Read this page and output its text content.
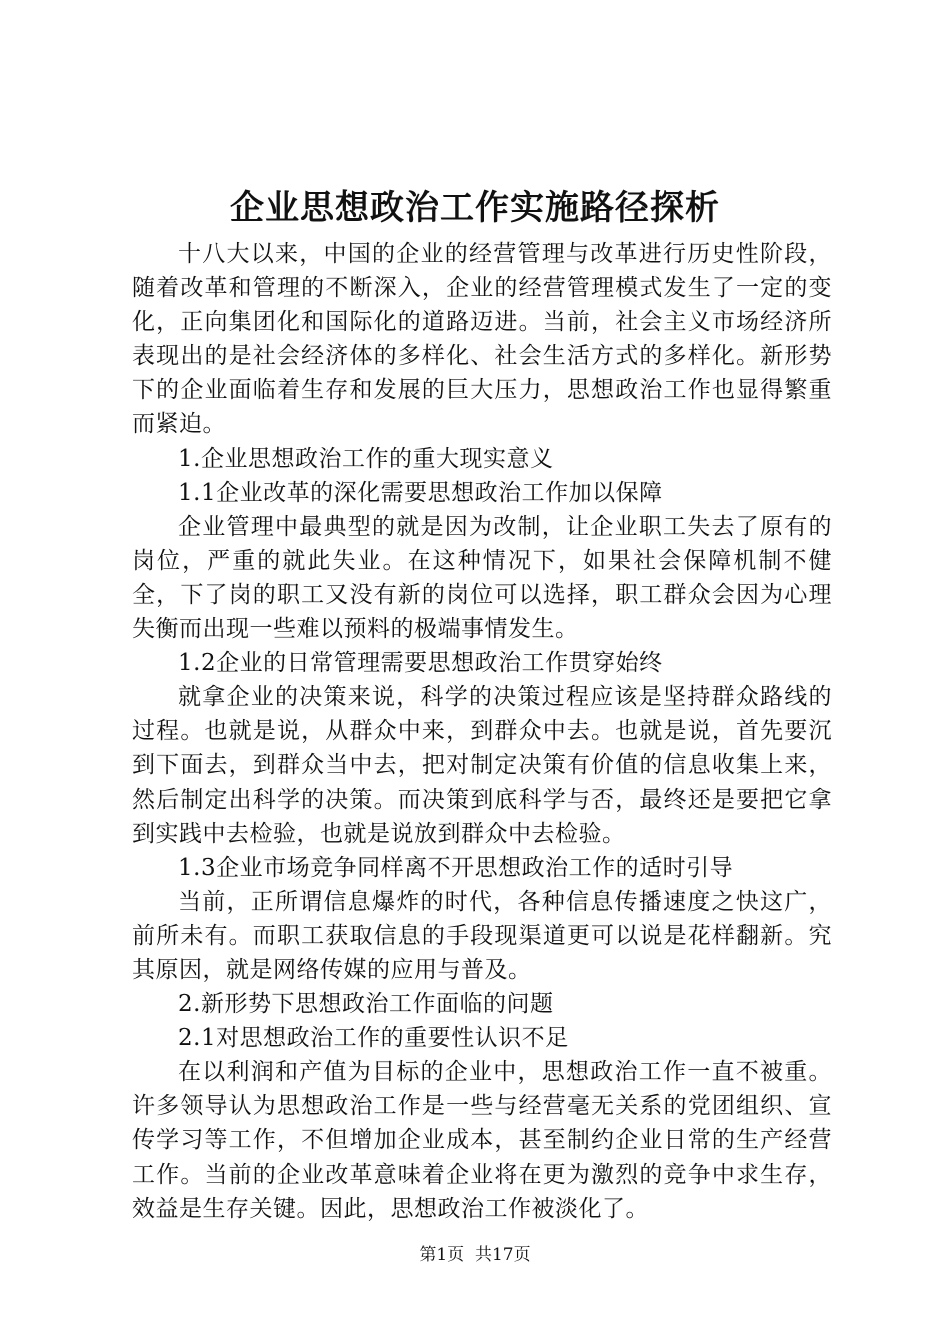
企业思想政治工作实施路径探析

十八大以来，中国的企业的经营管理与改革进行历史性阶段，随着改革和管理的不断深入，企业的经营管理模式发生了一定的变化，正向集团化和国际化的道路迈进。当前，社会主义市场经济所表现出的是社会经济体的多样化、社会生活方式的多样化。新形势下的企业面临着生存和发展的巨大压力，思想政治工作也显得繁重而紧迫。

1.企业思想政治工作的重大现实意义

1.1企业改革的深化需要思想政治工作加以保障

企业管理中最典型的就是因为改制，让企业职工失去了原有的岗位，严重的就此失业。在这种情况下，如果社会保障机制不健全，下了岗的职工又没有新的岗位可以选择，职工群众会因为心理失衡而出现一些难以预料的极端事情发生。

1.2企业的日常管理需要思想政治工作贯穿始终

就拿企业的决策来说，科学的决策过程应该是坚持群众路线的过程。也就是说，从群众中来，到群众中去。也就是说，首先要沉到下面去，到群众当中去，把对制定决策有价值的信息收集上来，然后制定出科学的决策。而决策到底科学与否，最终还是要把它拿到实践中去检验，也就是说放到群众中去检验。

1.3企业市场竞争同样离不开思想政治工作的适时引导

当前，正所谓信息爆炸的时代，各种信息传播速度之快这广，前所未有。而职工获取信息的手段现渠道更可以说是花样翻新。究其原因，就是网络传媒的应用与普及。

2.新形势下思想政治工作面临的问题

2.1对思想政治工作的重要性认识不足

在以利润和产值为目标的企业中，思想政治工作一直不被重。许多领导认为思想政治工作是一些与经营毫无关系的党团组织、宣传学习等工作，不但增加企业成本，甚至制约企业日常的生产经营工作。当前的企业改革意味着企业将在更为激烈的竞争中求生存，效益是生存关键。因此，思想政治工作被淡化了。

第1页  共17页
